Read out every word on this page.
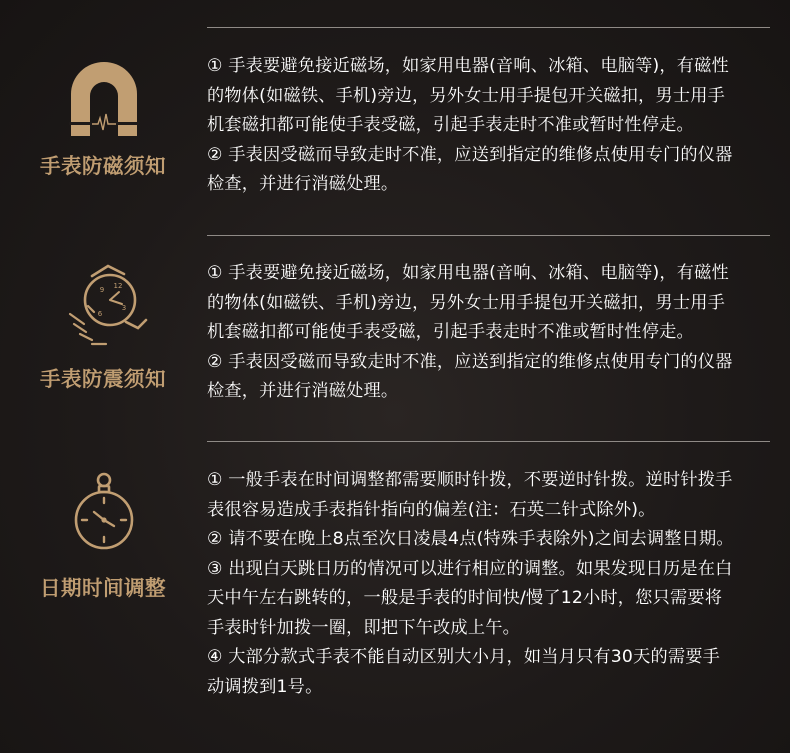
手表防磁须知

① 手表要避免接近磁场，如家用电器(音响、冰箱、电脑等)，有磁性

的物体(如磁铁、手机)旁边，另外女士用手提包开关磁扣，男士用手

机套磁扣都可能使手表受磁，引起手表走时不准或暂时性停走。

② 手表因受磁而导致走时不准，应送到指定的维修点使用专门的仪器

检查，并进行消磁处理。

12
9
6
3
手表防震须知

① 手表要避免接近磁场，如家用电器(音响、冰箱、电脑等)，有磁性

的物体(如磁铁、手机)旁边，另外女士用手提包开关磁扣，男士用手

机套磁扣都可能使手表受磁，引起手表走时不准或暂时性停走。

② 手表因受磁而导致走时不准，应送到指定的维修点使用专门的仪器

检查，并进行消磁处理。

日期时间调整

① 一般手表在时间调整都需要顺时针拨，不要逆时针拨。逆时针拨手

表很容易造成手表指针指向的偏差(注：石英二针式除外)。

② 请不要在晚上8点至次日凌晨4点(特殊手表除外)之间去调整日期。

③ 出现白天跳日历的情况可以进行相应的调整。如果发现日历是在白

天中午左右跳转的，一般是手表的时间快/慢了12小时，您只需要将

手表时针加拨一圈，即把下午改成上午。

④ 大部分款式手表不能自动区别大小月，如当月只有30天的需要手

动调拨到1号。
